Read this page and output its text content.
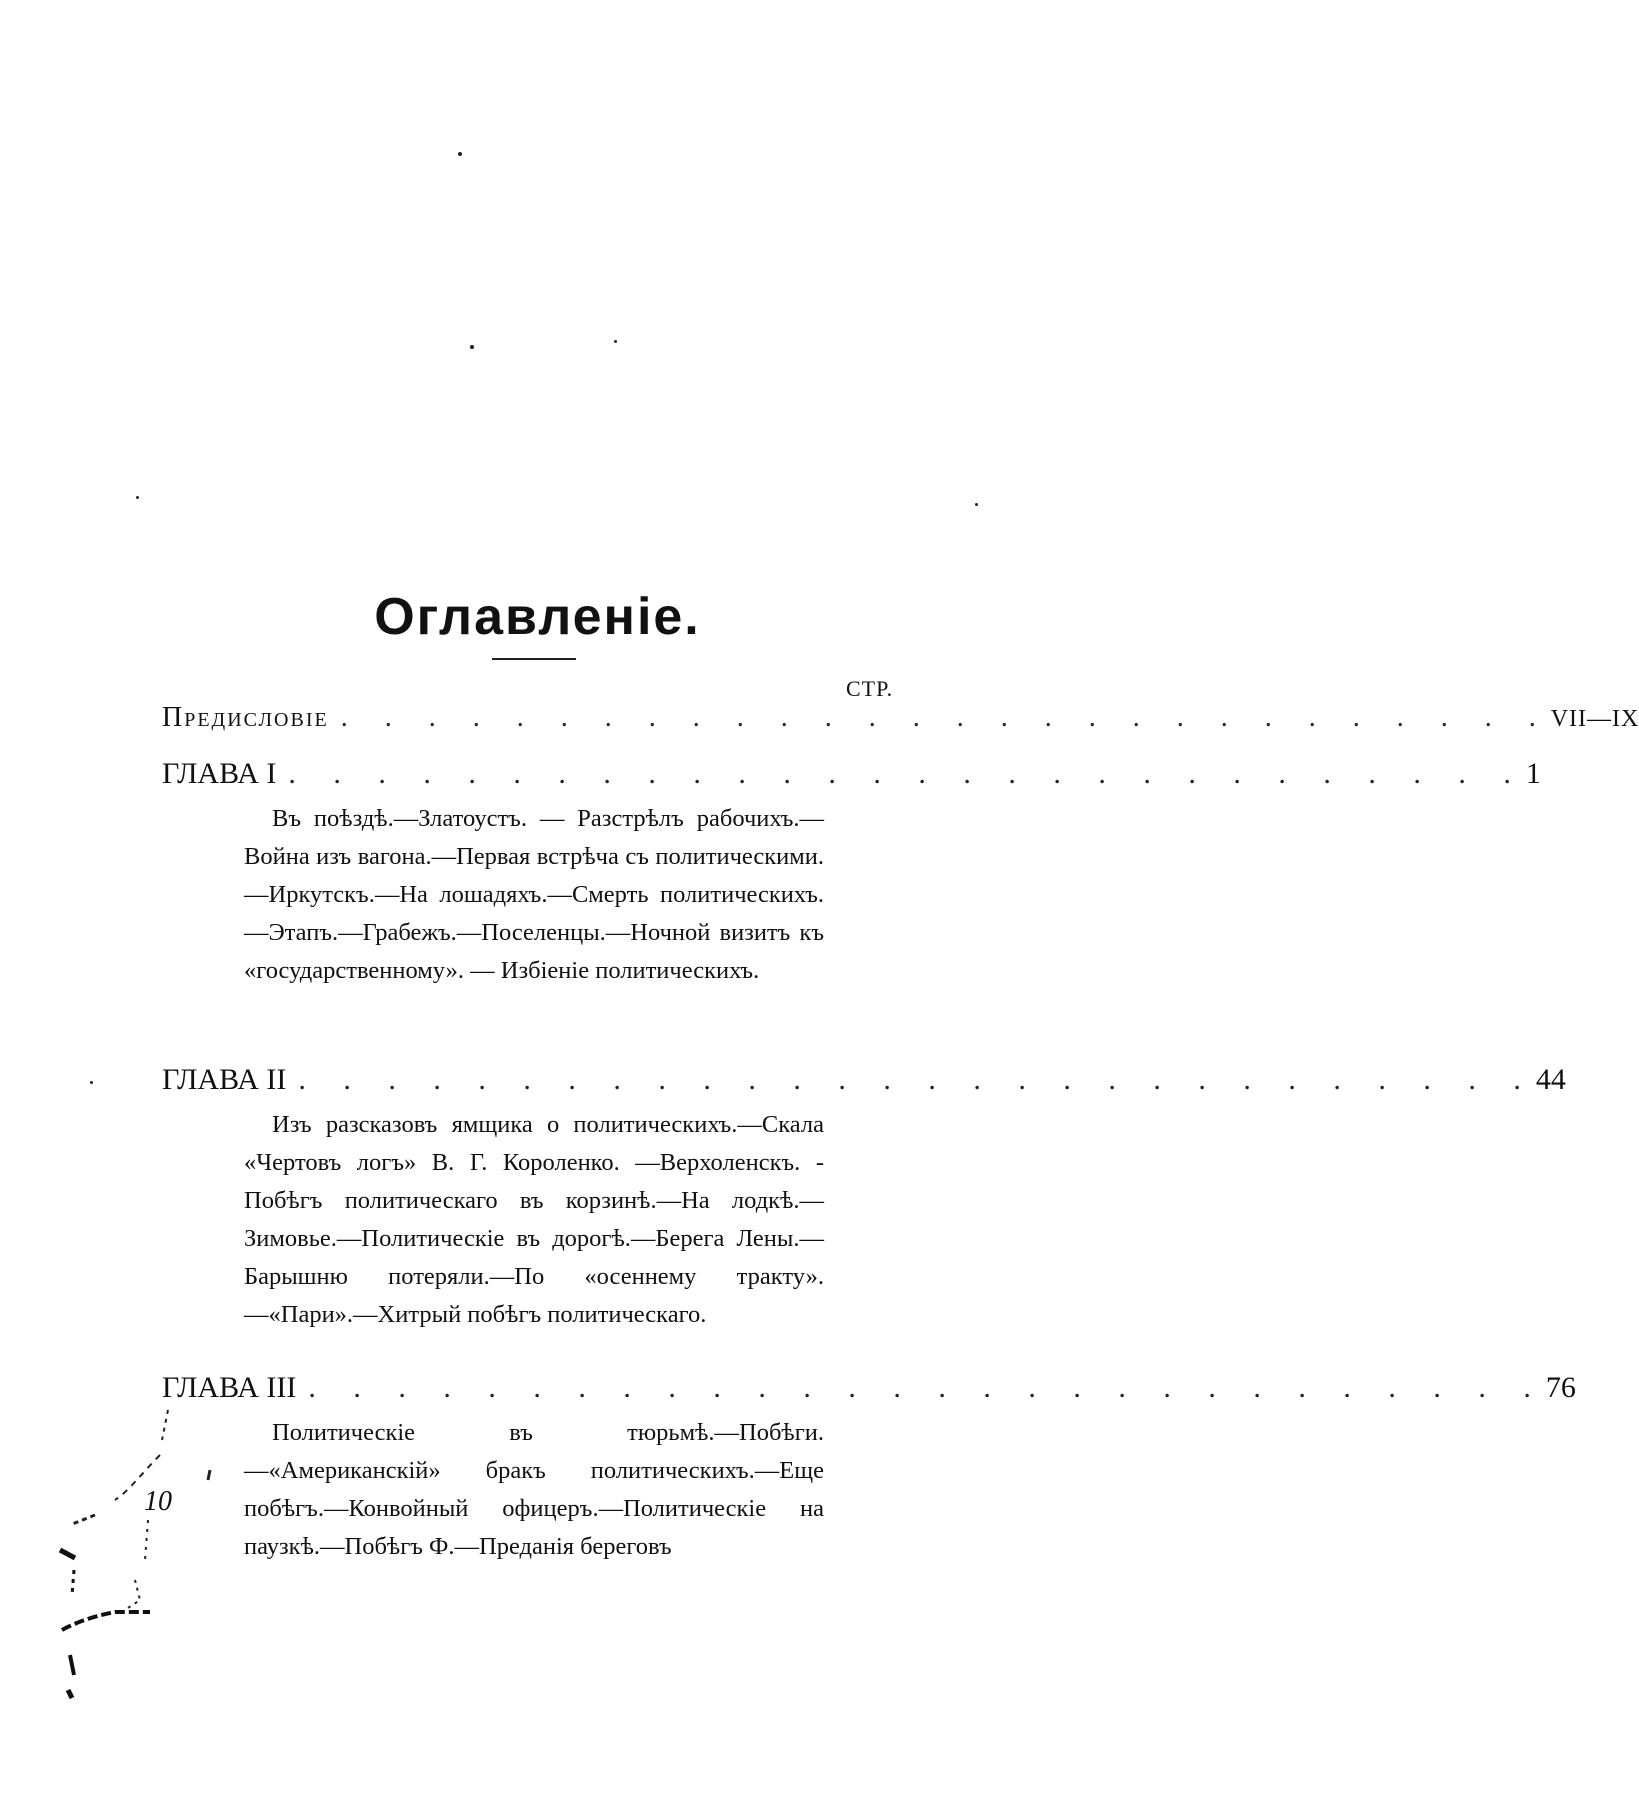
Оглавленіе.
СТР.
Предисловіе . . . . . . . . . . . . . . . . . . . . . . . . . . . . VII—IX
ГЛАВА I . . . . . . . . . . . . . . . . . . . . . . . . . . . . 1
Въ поѣздѣ.—Златоустъ. — Разстрѣлъ рабочихъ.—Война изъ вагона.—Первая встрѣча съ политическими.—Иркутскъ.—На лошадяхъ.—Смерть политическихъ.—Этапъ.—Грабежъ.—Поселенцы.—Ночной визитъ къ «государственному». — Избіеніе политическихъ.
ГЛАВА II . . . . . . . . . . . . . . . . . . . . . . . . . . . . 44
Изъ разсказовъ ямщика о политическихъ.—Скала «Чертовъ логъ» В. Г. Короленко. —Верхоленскъ. - Побѣгъ политическаго въ корзинѣ.—На лодкѣ.—Зимовье.—Политическіе въ дорогѣ.—Берега Лены.—Барышню потеряли.—По «осеннему тракту».—«Пари».—Хитрый побѣгъ политическаго.
ГЛАВА III . . . . . . . . . . . . . . . . . . . . . . . . . . . . 76
Политическіе въ тюрьмѣ.—Побѣги.—«Американскій» бракъ политическихъ.—Еще побѣгъ.—Конвойный офицеръ.—Политическіе на паузкѣ.—Побѣгъ Ф.—Преданія береговъ
10
